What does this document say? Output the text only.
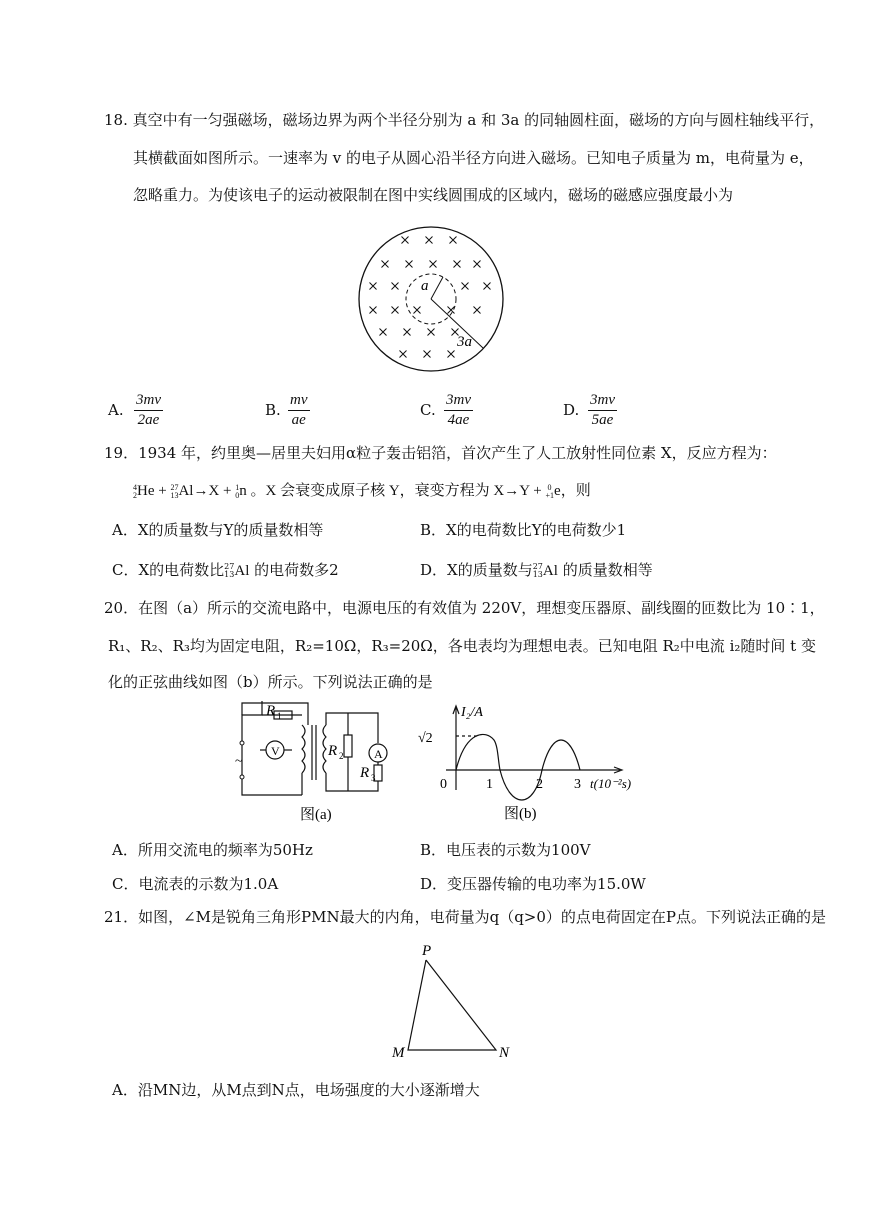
18. 真空中有一匀强磁场，磁场边界为两个半径分别为 a 和 3a 的同轴圆柱面，磁场的方向与圆柱轴线平行，
其横截面如图所示。一速率为 v 的电子从圆心沿半径方向进入磁场。已知电子质量为 m，电荷量为 e，
忽略重力。为使该电子的运动被限制在图中实线圆围成的区域内，磁场的磁感应强度最小为
a
3a
A. $\frac{3mv}{2ae}$	B. $\frac{mv}{ae}$	C. $\frac{3mv}{4ae}$	D. $\frac{3mv}{5ae}$
19．1934 年，约里奥—居里夫妇用α粒子轰击铝箔，首次产生了人工放射性同位素 X，反应方程为：
4
2He + 27
13Al→X + 1
0n 。X 会衰变成原子核 Y，衰变方程为 X→Y +  0
+1e，则
A．X的质量数与Y的质量数相等	B．X的电荷数比Y的电荷数少1
C．X的电荷数比27
13Al 的电荷数多2	D．X的质量数与27
13Al 的质量数相等
20．在图（a）所示的交流电路中，电源电压的有效值为 220V，理想变压器原、副线圈的匝数比为 10∶1，
R₁、R₂、R₃均为固定电阻，R₂=10Ω，R₃=20Ω，各电表均为理想电表。已知电阻 R₂中电流 i₂随时间 t 变
化的正弦曲线如图（b）所示。下列说法正确的是
~
R 1
V	R 2	A
R 3
图(a)
I₂/A
√2
0	1	2 3 t(10⁻²s)
图(b)
A．所用交流电的频率为50Hz	B．电压表的示数为100V
C．电流表的示数为1.0A	D．变压器传输的电功率为15.0W
21．如图，∠M是锐角三角形PMN最大的内角，电荷量为q（q>0）的点电荷固定在P点。下列说法正确的是
P
M	N
A．沿MN边，从M点到N点，电场强度的大小逐渐增大
